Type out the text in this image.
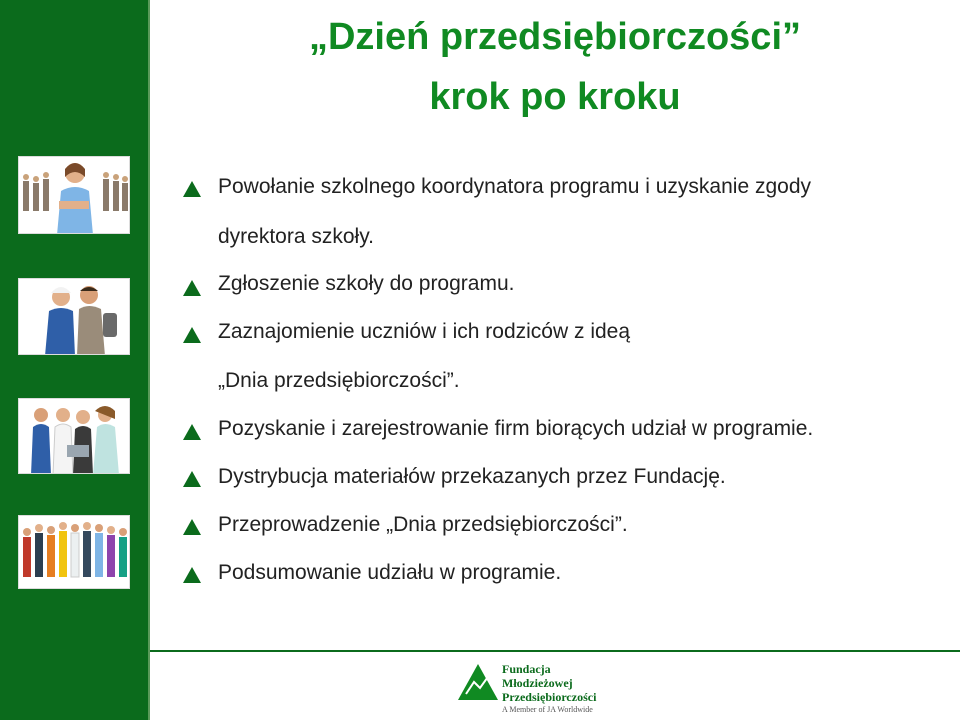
„Dzień przedsiębiorczości”
krok po kroku
Powołanie szkolnego koordynatora programu i uzyskanie zgody
dyrektora szkoły.
Zgłoszenie szkoły do programu.
Zaznajomienie uczniów i ich rodziców z ideą
„Dnia przedsiębiorczości”.
Pozyskanie i zarejestrowanie firm biorących udział w programie.
Dystrybucja materiałów przekazanych przez Fundację.
Przeprowadzenie „Dnia przedsiębiorczości”.
Podsumowanie udziału w programie.
Fundacja
Młodzieżowej
Przedsiębiorczości
A Member of JA Worldwide
